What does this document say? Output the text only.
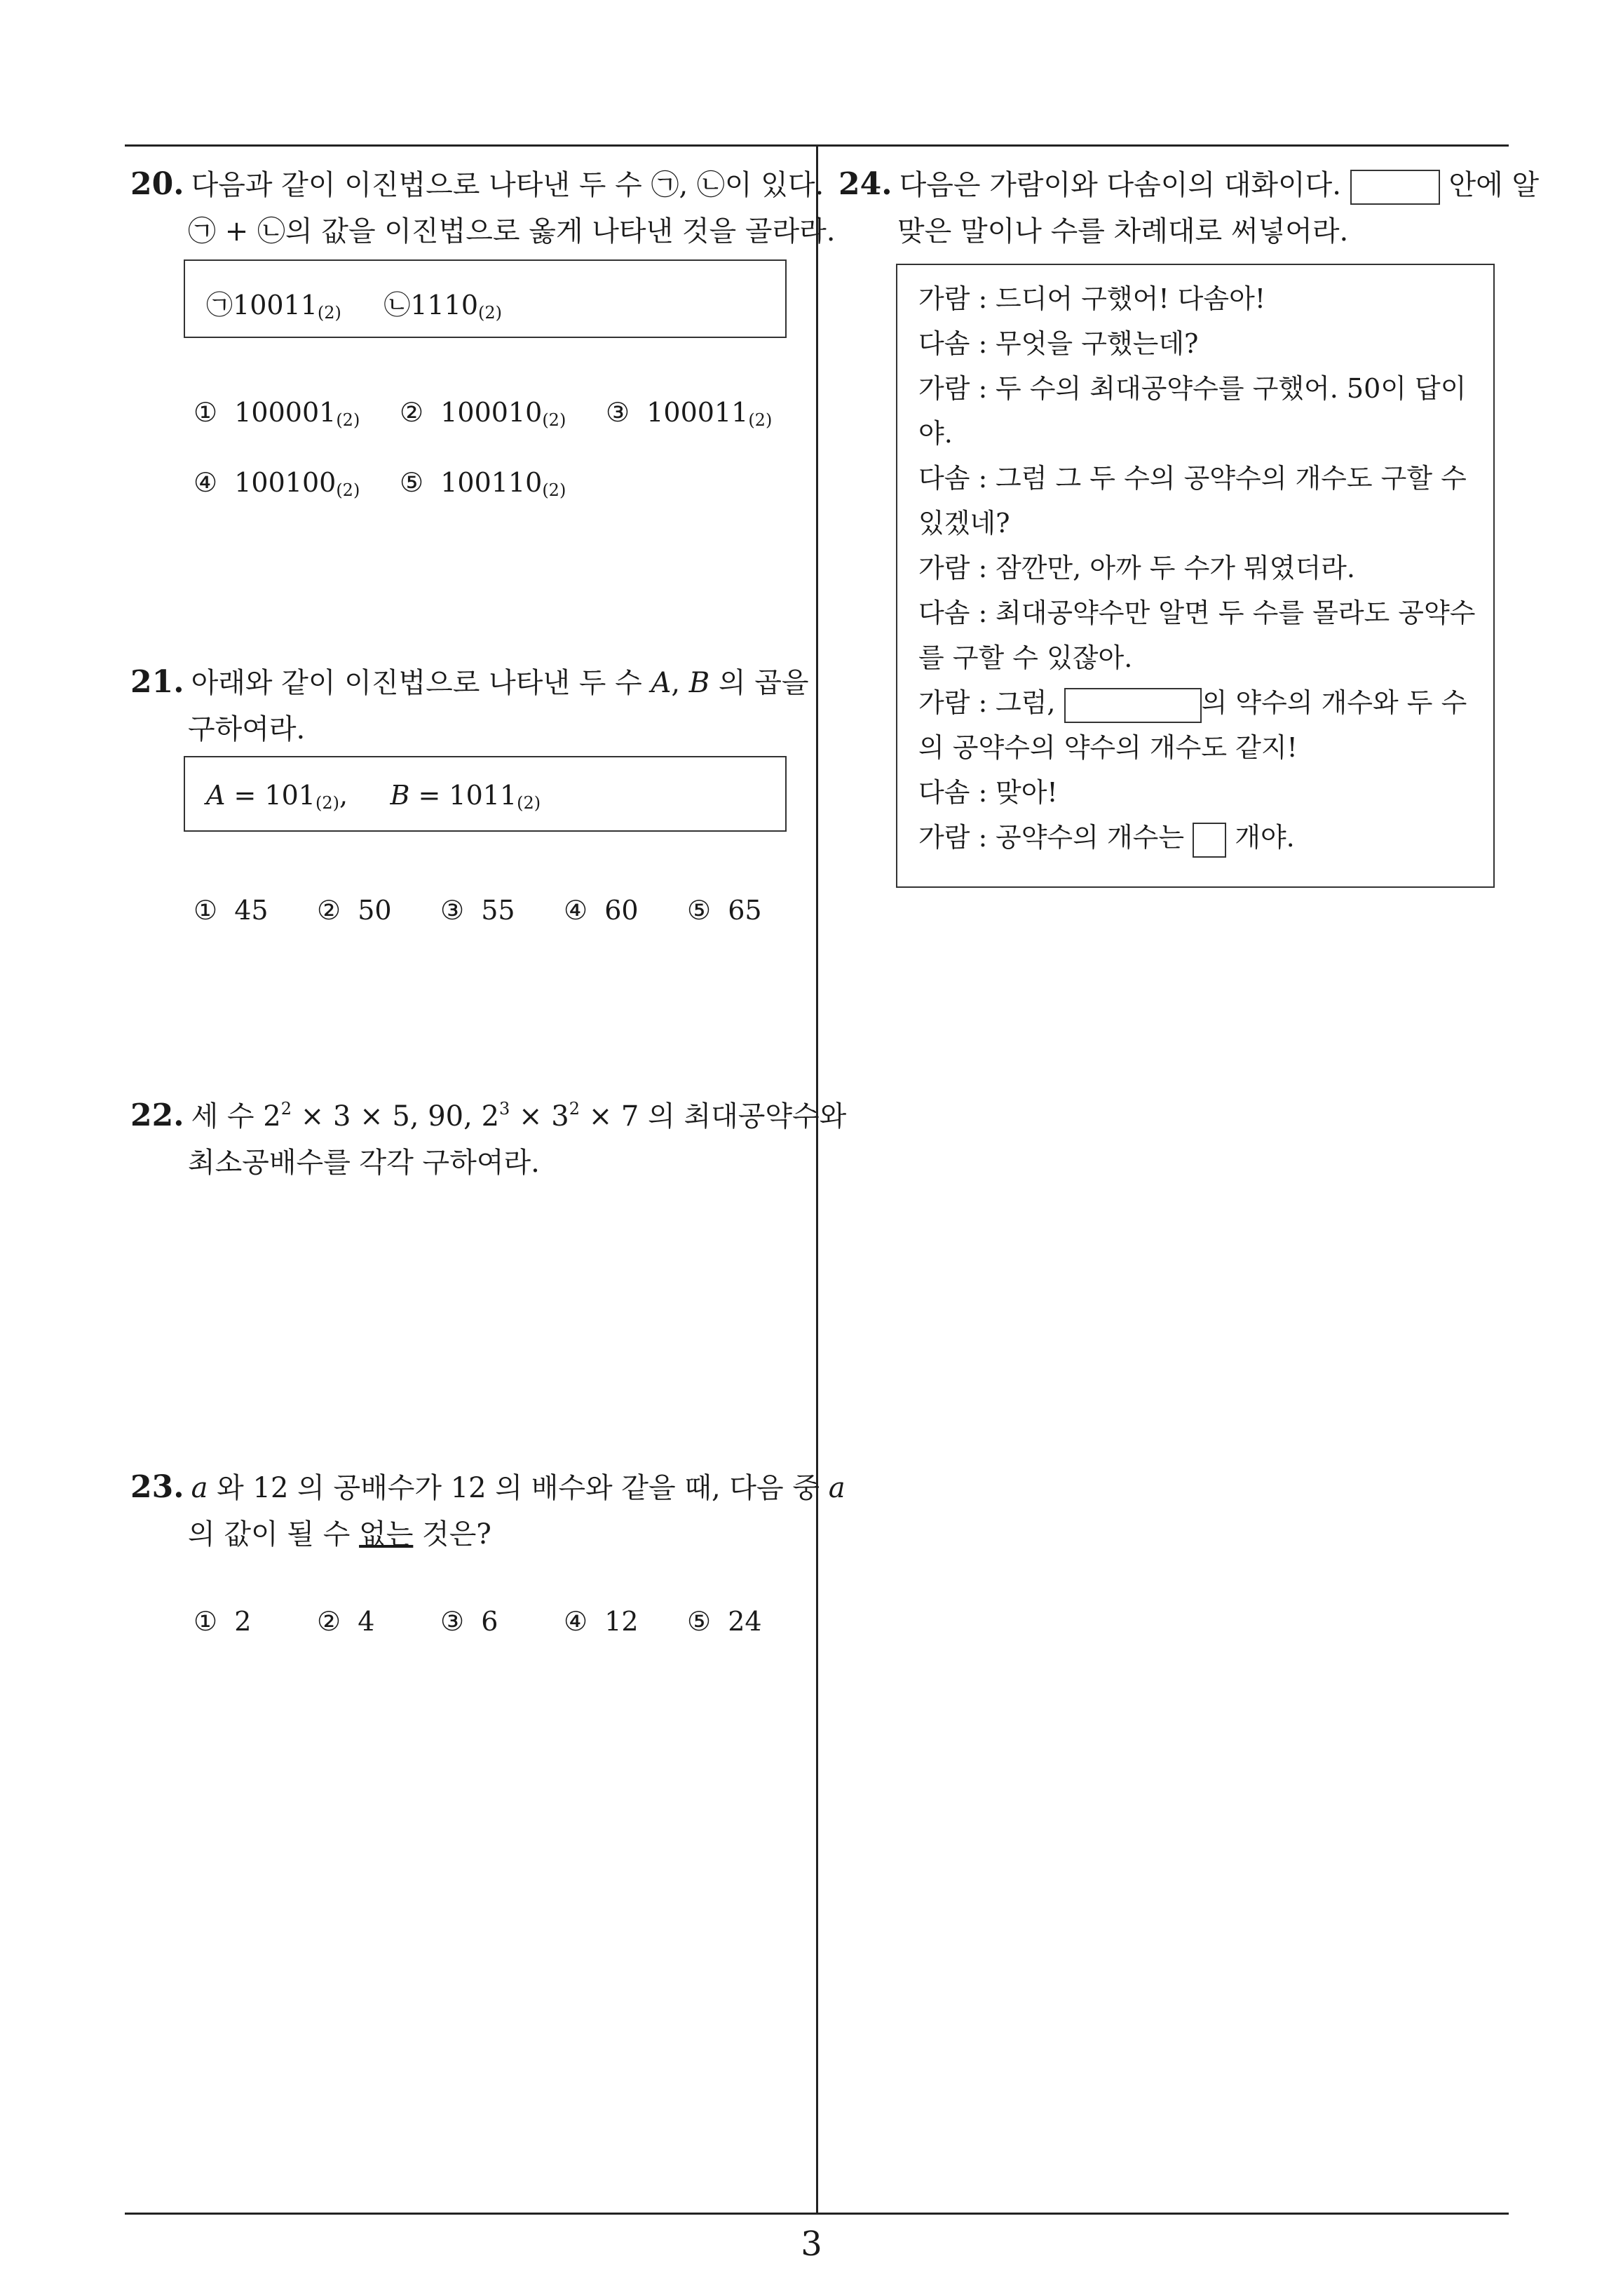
20. 다음과 같이 이진법으로 나타낸 두 수 ㉠, ㉡이 있다.
㉠ + ㉡의 값을 이진법으로 옳게 나타낸 것을 골라라.
$㉠10011_{(2)}$ $㉡1110_{(2)}$
① $100001_{(2)}$ ② $100010_{(2)}$ ③ $100011_{(2)}$
④ $100100_{(2)}$ ⑤ $100110_{(2)}$
21. 아래와 같이 이진법으로 나타낸 두 수 A, B 의 곱을
구하여라.
$A = 101_{(2)}$, $B = 1011_{(2)}$
① 45 ② 50 ③ 55 ④ 60 ⑤ 65
22. 세 수 $2^2 \times 3 \times 5$, 90, $2^3 \times 3^2 \times 7$ 의 최대공약수와
최소공배수를 각각 구하여라.
23. a 와 12 의 공배수가 12 의 배수와 같을 때, 다음 중 a
의 값이 될 수 없는 것은?
① 2 ② 4 ③ 6 ④ 12 ⑤ 24
24. 다음은 가람이와 다솜이의 대화이다.	안에 알
맞은 말이나 수를 차례대로 써넣어라.
가람 : 드디어 구했어! 다솜아!
다솜 : 무엇을 구했는데?
가람 : 두 수의 최대공약수를 구했어. 50이 답이
야.
다솜 : 그럼 그 두 수의 공약수의 개수도 구할 수
있겠네?
가람 : 잠깐만, 아까 두 수가 뭐였더라.
다솜 : 최대공약수만 알면 두 수를 몰라도 공약수
를 구할 수 있잖아.
가람 : 그럼,	의 약수의 개수와 두 수
의 공약수의 약수의 개수도 같지!
다솜 : 맞아!
가람 : 공약수의 개수는 개야.
3
